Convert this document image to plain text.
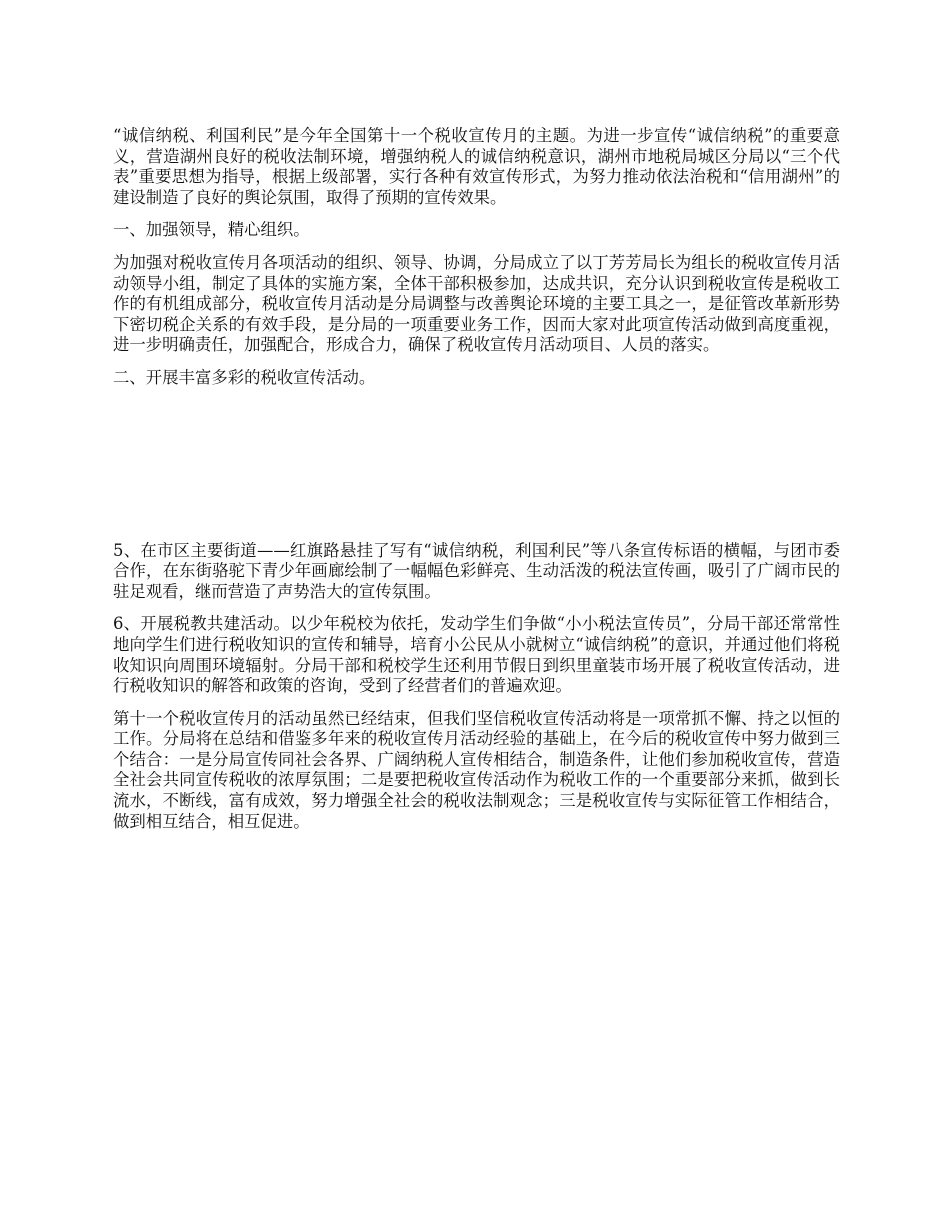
“诚信纳税、利国利民”是今年全国第十一个税收宣传月的主题。为进一步宣传“诚信纳税”的重要意义，营造湖州良好的税收法制环境，增强纳税人的诚信纳税意识，湖州市地税局城区分局以“三个代表”重要思想为指导，根据上级部署，实行各种有效宣传形式，为努力推动依法治税和“信用湖州”的建设制造了良好的舆论氛围，取得了预期的宣传效果。

一、加强领导，精心组织。

为加强对税收宣传月各项活动的组织、领导、协调，分局成立了以丁芳芳局长为组长的税收宣传月活动领导小组，制定了具体的实施方案，全体干部积极参加，达成共识，充分认识到税收宣传是税收工作的有机组成部分，税收宣传月活动是分局调整与改善舆论环境的主要工具之一，是征管改革新形势下密切税企关系的有效手段，是分局的一项重要业务工作，因而大家对此项宣传活动做到高度重视，进一步明确责任，加强配合，形成合力，确保了税收宣传月活动项目、人员的落实。

二、开展丰富多彩的税收宣传活动。

5、在市区主要街道——红旗路悬挂了写有“诚信纳税，利国利民”等八条宣传标语的横幅，与团市委合作，在东街骆驼下青少年画廊绘制了一幅幅色彩鲜亮、生动活泼的税法宣传画，吸引了广阔市民的驻足观看，继而营造了声势浩大的宣传氛围。

6、开展税教共建活动。以少年税校为依托，发动学生们争做“小小税法宣传员”，分局干部还常常性地向学生们进行税收知识的宣传和辅导，培育小公民从小就树立“诚信纳税”的意识，并通过他们将税收知识向周围环境辐射。分局干部和税校学生还利用节假日到织里童装市场开展了税收宣传活动，进行税收知识的解答和政策的咨询，受到了经营者们的普遍欢迎。

第十一个税收宣传月的活动虽然已经结束，但我们坚信税收宣传活动将是一项常抓不懈、持之以恒的工作。分局将在总结和借鉴多年来的税收宣传月活动经验的基础上，在今后的税收宣传中努力做到三个结合：一是分局宣传同社会各界、广阔纳税人宣传相结合，制造条件，让他们参加税收宣传，营造全社会共同宣传税收的浓厚氛围；二是要把税收宣传活动作为税收工作的一个重要部分来抓，做到长流水，不断线，富有成效，努力增强全社会的税收法制观念；三是税收宣传与实际征管工作相结合，做到相互结合，相互促进。
